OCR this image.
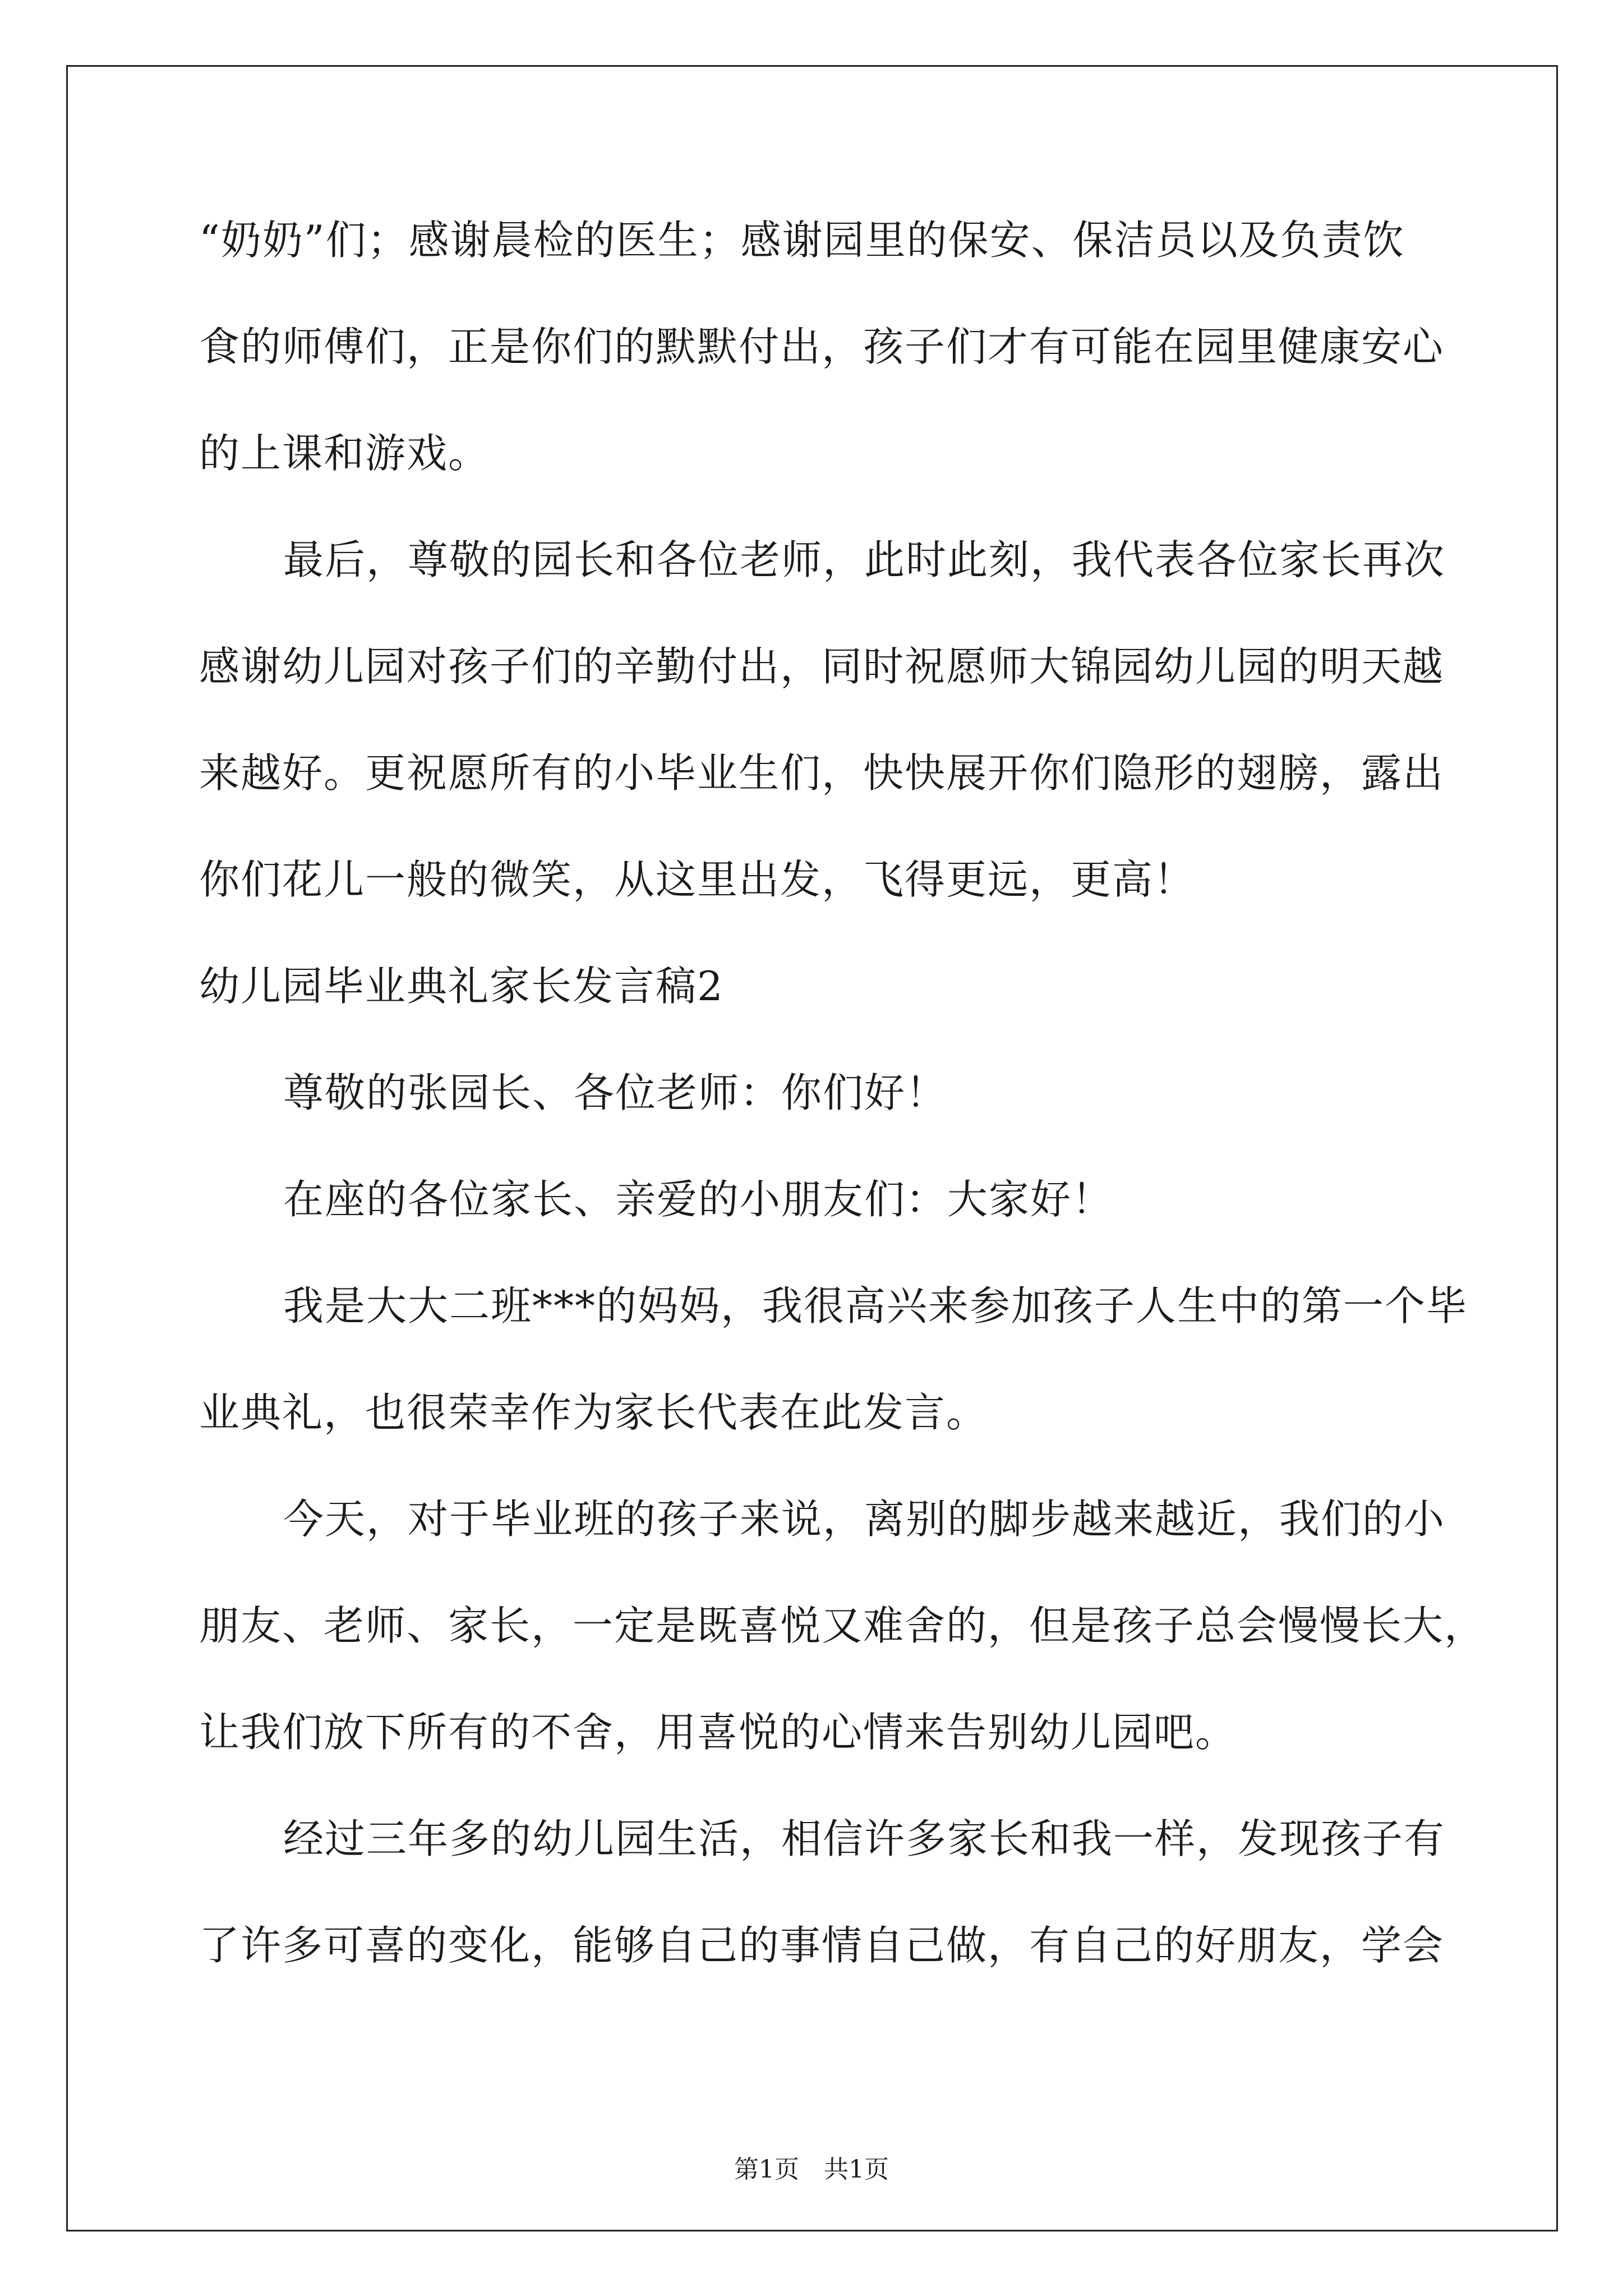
“奶奶”们；感谢晨检的医生；感谢园里的保安、保洁员以及负责饮
食的师傅们，正是你们的默默付出，孩子们才有可能在园里健康安心
的上课和游戏。
最后，尊敬的园长和各位老师，此时此刻，我代表各位家长再次
感谢幼儿园对孩子们的辛勤付出，同时祝愿师大锦园幼儿园的明天越
来越好。更祝愿所有的小毕业生们，快快展开你们隐形的翅膀，露出
你们花儿一般的微笑，从这里出发，飞得更远，更高！
幼儿园毕业典礼家长发言稿2
尊敬的张园长、各位老师：你们好！
在座的各位家长、亲爱的小朋友们：大家好！
我是大大二班***的妈妈，我很高兴来参加孩子人生中的第一个毕
业典礼，也很荣幸作为家长代表在此发言。
今天，对于毕业班的孩子来说，离别的脚步越来越近，我们的小
朋友、老师、家长，一定是既喜悦又难舍的，但是孩子总会慢慢长大，
让我们放下所有的不舍，用喜悦的心情来告别幼儿园吧。
经过三年多的幼儿园生活，相信许多家长和我一样，发现孩子有
了许多可喜的变化，能够自己的事情自己做，有自己的好朋友，学会
第1页　共1页
